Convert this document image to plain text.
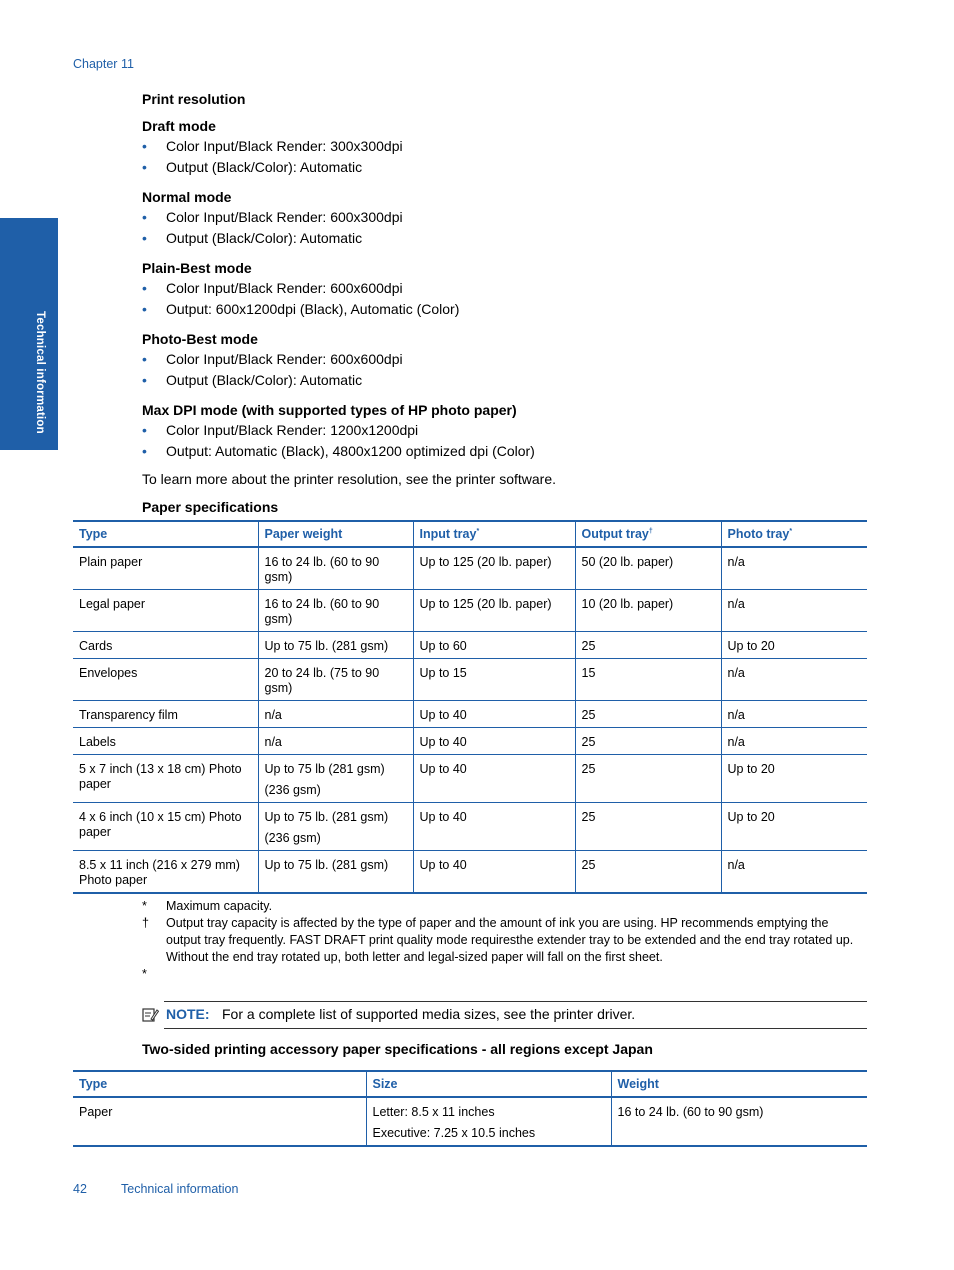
Chapter 11
Technical information

Print resolution

Draft mode

• Color Input/Black Render: 300x300dpi
• Output (Black/Color): Automatic

Normal mode

• Color Input/Black Render: 600x300dpi
• Output (Black/Color): Automatic

Plain-Best mode

• Color Input/Black Render: 600x600dpi
• Output: 600x1200dpi (Black), Automatic (Color)

Photo-Best mode

• Color Input/Black Render: 600x600dpi
• Output (Black/Color): Automatic

Max DPI mode (with supported types of HP photo paper)

• Color Input/Black Render: 1200x1200dpi
• Output: Automatic (Black), 4800x1200 optimized dpi (Color)

To learn more about the printer resolution, see the printer software.

Paper specifications

Type	Paper weight	Input tray*	Output tray†	Photo tray*
Plain paper	16 to 24 lb. (60 to 90 gsm)	Up to 125 (20 lb. paper)	50 (20 lb. paper)	n/a
Legal paper	16 to 24 lb. (60 to 90 gsm)	Up to 125 (20 lb. paper)	10 (20 lb. paper)	n/a
Cards	Up to 75 lb. (281 gsm)	Up to 60	25	Up to 20
Envelopes	20 to 24 lb. (75 to 90 gsm)	Up to 15	15	n/a
Transparency film	n/a	Up to 40	25	n/a
Labels	n/a	Up to 40	25	n/a
5 x 7 inch (13 x 18 cm) Photo paper	Up to 75 lb (281 gsm)
(236 gsm)	Up to 40	25	Up to 20
4 x 6 inch (10 x 15 cm) Photo paper	Up to 75 lb. (281 gsm)
(236 gsm)	Up to 40	25	Up to 20
8.5 x 11 inch (216 x 279 mm) Photo paper	Up to 75 lb. (281 gsm)	Up to 40	25	n/a
* Maximum capacity.
† Output tray capacity is affected by the type of paper and the amount of ink you are using. HP recommends emptying the output tray frequently. FAST DRAFT print quality mode requiresthe extender tray to be extended and the end tray rotated up. Without the end tray rotated up, both letter and legal-sized paper will fall on the first sheet.
*
NOTE: For a complete list of supported media sizes, see the printer driver.

Two-sided printing accessory paper specifications - all regions except Japan

Type	Size	Weight
Paper	Letter: 8.5 x 11 inches
Executive: 7.25 x 10.5 inches	16 to 24 lb. (60 to 90 gsm)
42	Technical information
